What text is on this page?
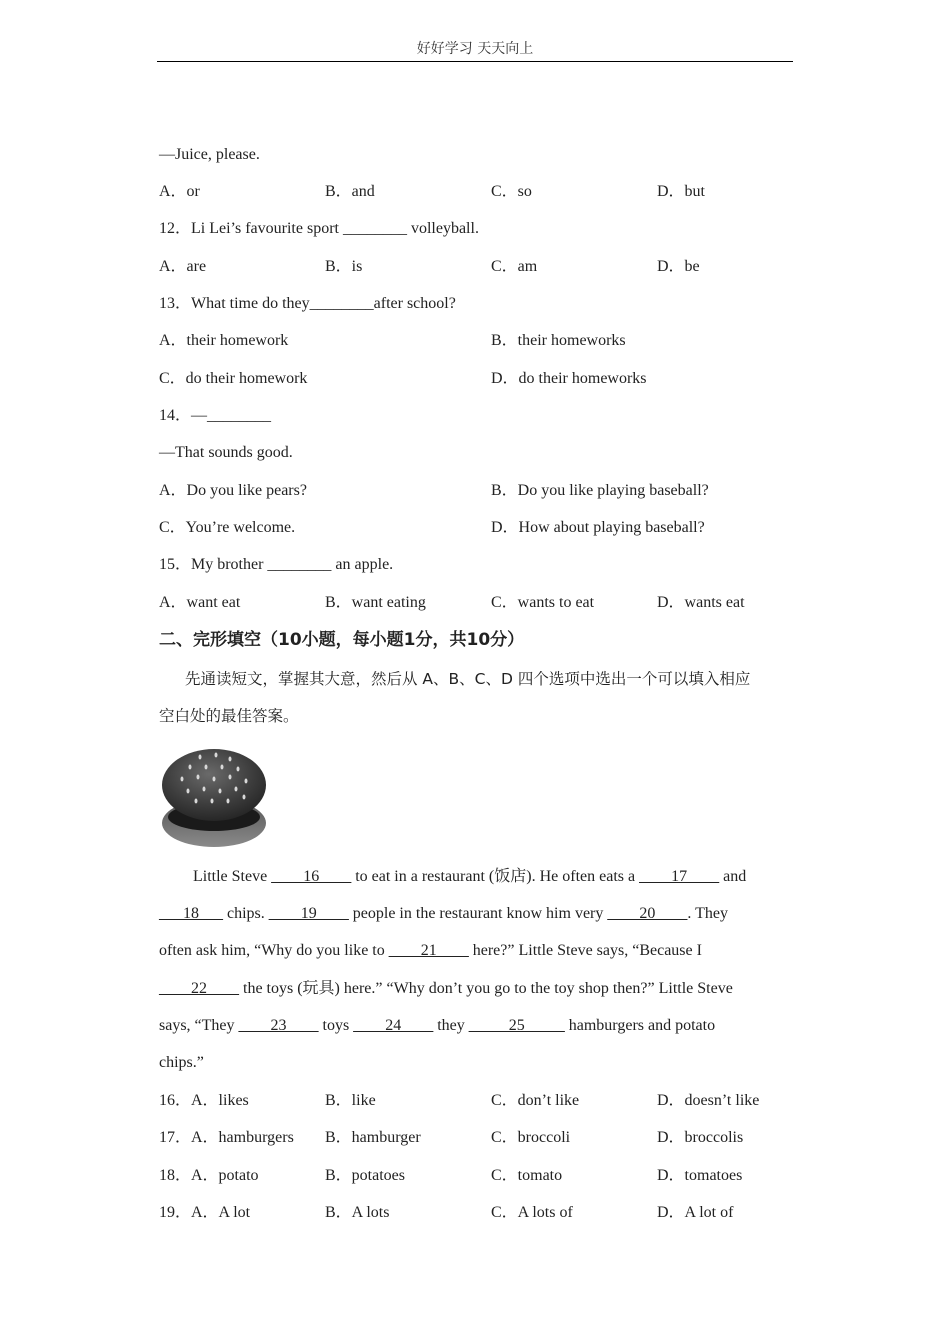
好好学习 天天向上
—Juice, please.
A．or	B．and	C．so	D．but
12．Li Lei’s favourite sport ________ volleyball.
A．are	B．is	C．am	D．be
13．What time do they________after school?
A．their homework	B．their homeworks
C．do their homework	D．do their homeworks
14．—________
—That sounds good.
A．Do you like pears?	B．Do you like playing baseball?
C．You’re welcome.	D．How about playing baseball?
15．My brother ________ an apple.
A．want eat	B．want eating	C．wants to eat	D．wants eat
二、完形填空（10小题，每小题1分，共10分）
先通读短文，掌握其大意，然后从 A、B、C、D 四个选项中选出一个可以填入相应
空白处的最佳答案。
Little Steve ____16____ to eat in a restaurant (饭店). He often eats a ____17____ and
___18___ chips. ____19____ people in the restaurant know him very ____20____. They
often ask him, “Why do you like to ____21____ here?” Little Steve says, “Because I
____22____ the toys (玩具) here.” “Why don’t you go to the toy shop then?” Little Steve
says, “They ____23____ toys ____24____ they _____25_____ hamburgers and potato
chips.”
16．A．likes	B．like	C．don’t like	D．doesn’t like
17．A．hamburgers B．hamburger	C．broccoli	D．broccolis
18．A．potato	B．potatoes	C．tomato	D．tomatoes
19．A．A lot	B．A lots	C．A lots of	D．A lot of
